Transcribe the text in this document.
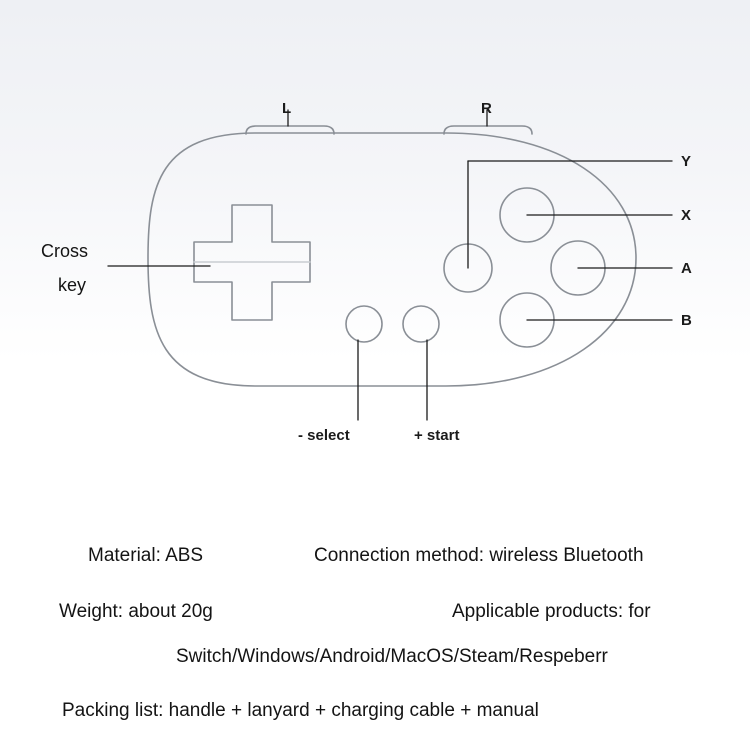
L	R
Cross
key
Y
X
A
B
- select	+ start
Material: ABS	Connection method: wireless Bluetooth
Weight: about 20g	Applicable products: for
Switch/Windows/Android/MacOS/Steam/Respeberr
Packing list: handle + lanyard + charging cable + manual
